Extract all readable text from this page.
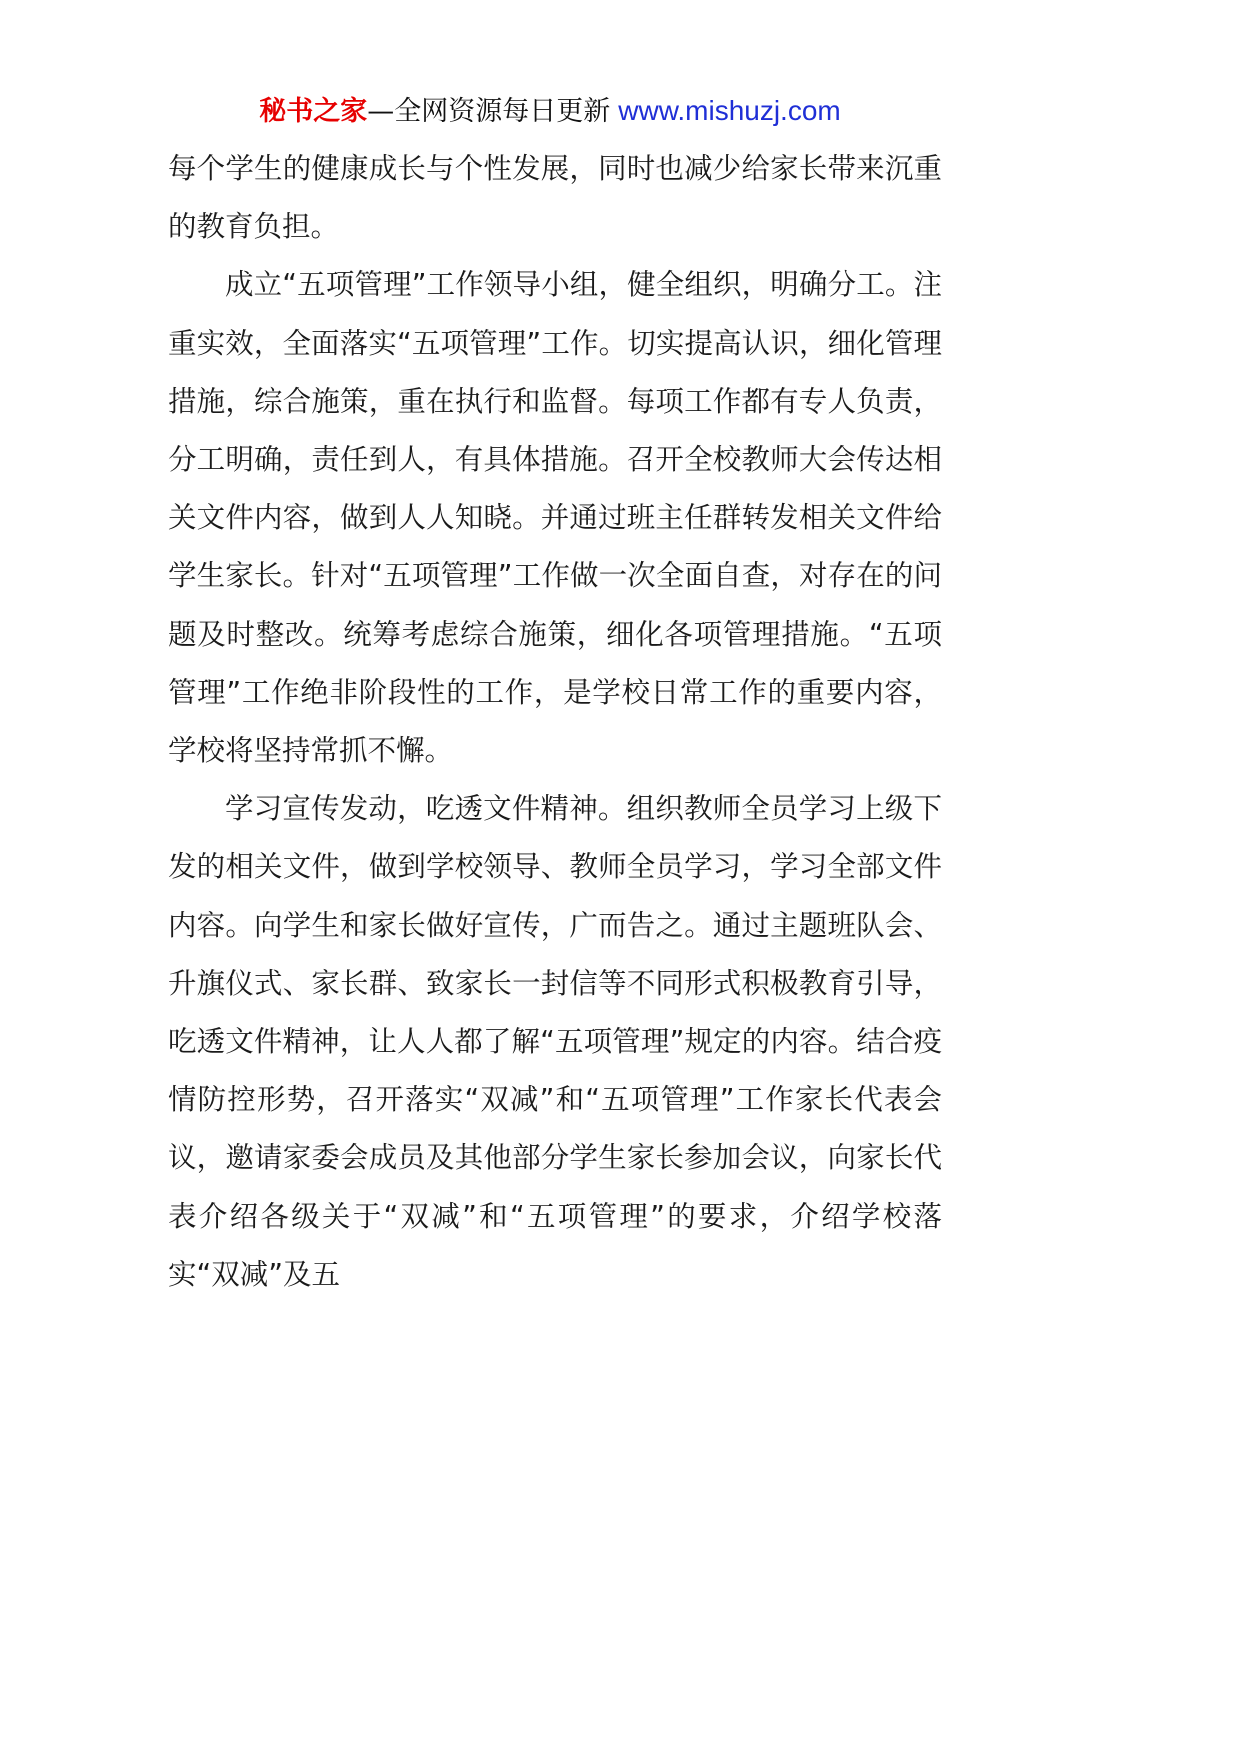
秘书之家—全网资源每日更新 www.mishuzj.com

每个学生的健康成长与个性发展，同时也减少给家长带来沉重的教育负担。

成立“五项管理”工作领导小组，健全组织，明确分工。注重实效，全面落实“五项管理”工作。切实提高认识，细化管理措施，综合施策，重在执行和监督。每项工作都有专人负责，分工明确，责任到人，有具体措施。召开全校教师大会传达相关文件内容，做到人人知晓。并通过班主任群转发相关文件给学生家长。针对“五项管理”工作做一次全面自查，对存在的问题及时整改。统筹考虑综合施策，细化各项管理措施。“五项管理”工作绝非阶段性的工作，是学校日常工作的重要内容，学校将坚持常抓不懈。

学习宣传发动，吃透文件精神。组织教师全员学习上级下发的相关文件，做到学校领导、教师全员学习，学习全部文件内容。向学生和家长做好宣传，广而告之。通过主题班队会、升旗仪式、家长群、致家长一封信等不同形式积极教育引导，吃透文件精神，让人人都了解“五项管理”规定的内容。结合疫情防控形势，召开落实“双减”和“五项管理”工作家长代表会议，邀请家委会成员及其他部分学生家长参加会议，向家长代表介绍各级关于“双减”和“五项管理”的要求，介绍学校落实“双减”及五
